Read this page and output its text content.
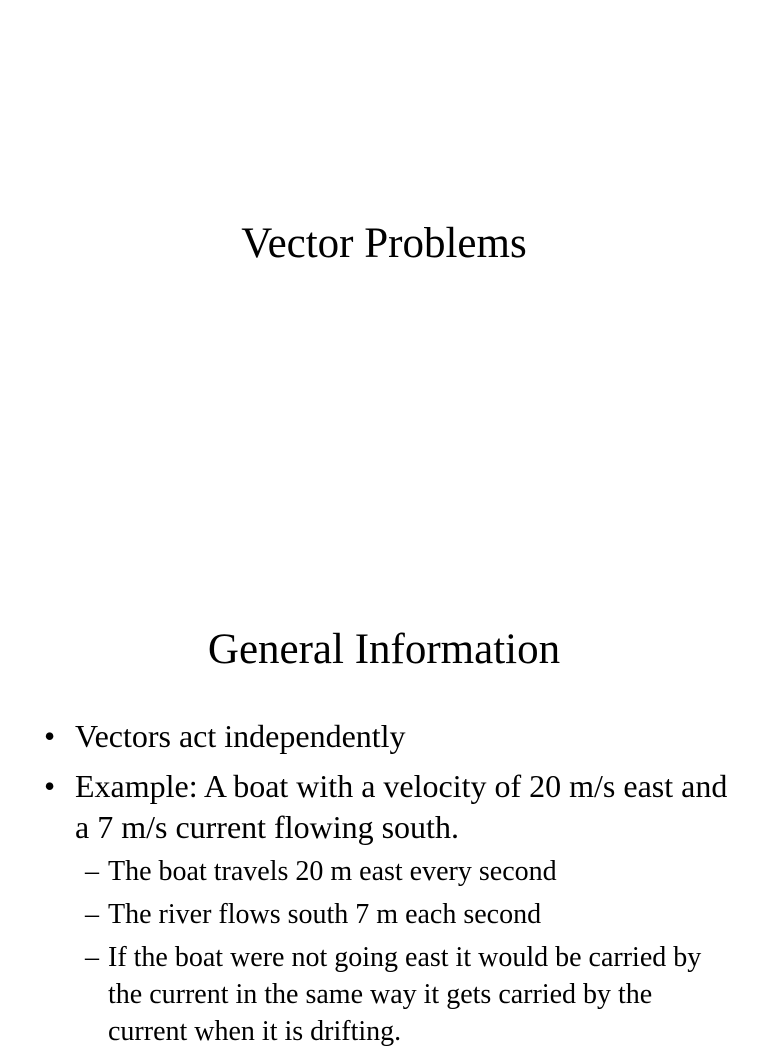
Vector Problems
General Information
• Vectors act independently
• Example: A boat with a velocity of 20 m/s east and a 7 m/s current flowing south.
– The boat travels 20 m east every second
– The river flows south 7 m each second
– If the boat were not going east it would be carried by the current in the same way it gets carried by the current when it is drifting.
